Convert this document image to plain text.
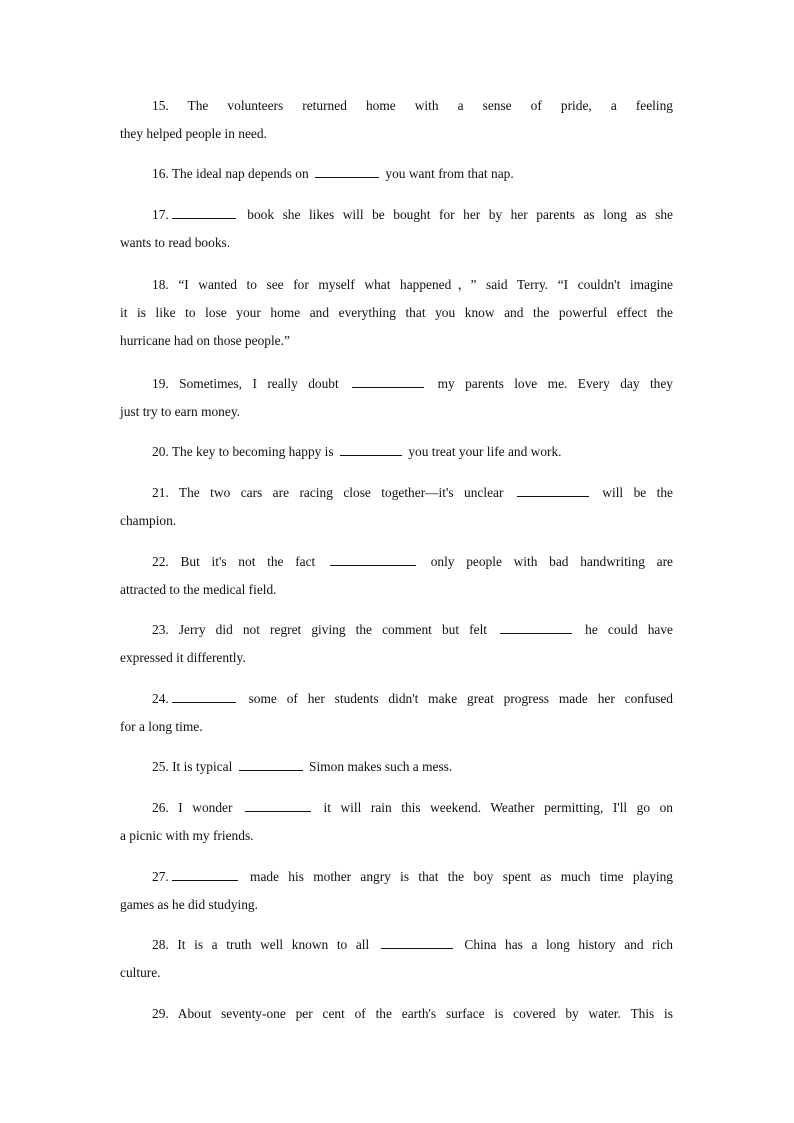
15. The volunteers returned home with a sense of pride, a feeling
they helped people in need.
16. The ideal nap depends on	you want from that nap.
17.	book she likes will be bought for her by her parents as long as she
wants to read books.
18. “I wanted to see for myself what happened，” said Terry. “I couldn't imagine
it is like to lose your home and everything that you know and the powerful effect the
hurricane had on those people.”
19. Sometimes, I really doubt	my parents love me. Every day they
just try to earn money.
20. The key to becoming happy is	you treat your life and work.
21. The two cars are racing close together—it's unclear	will be the
champion.
22. But it's not the fact	only people with bad handwriting are
attracted to the medical field.
23. Jerry did not regret giving the comment but felt	he could have
expressed it differently.
24.	some of her students didn't make great progress made her confused
for a long time.
25. It is typical	Simon makes such a mess.
26. I wonder	it will rain this weekend. Weather permitting, I'll go on
a picnic with my friends.
27.	made his mother angry is that the boy spent as much time playing
games as he did studying.
28. It is a truth well known to all	China has a long history and rich
culture.
29. About seventy-one per cent of the earth's surface is covered by water. This is
